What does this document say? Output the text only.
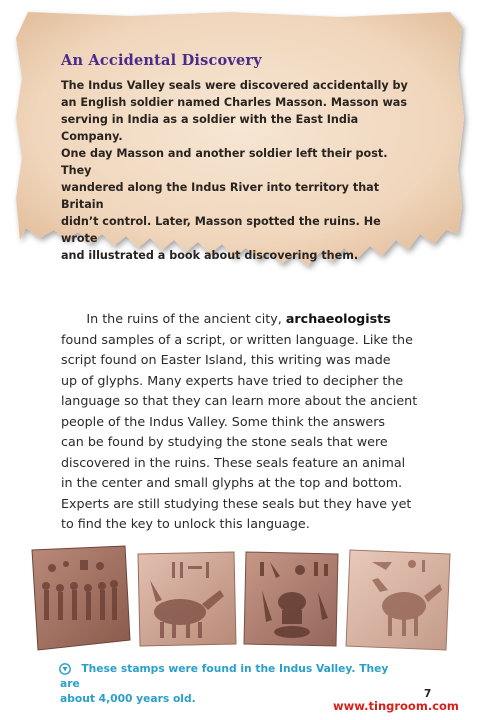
An Accidental Discovery

The Indus Valley seals were discovered accidentally by
an English soldier named Charles Masson. Masson was
serving in India as a soldier with the East India Company.
One day Masson and another soldier left their post. They
wandered along the Indus River into territory that Britain
didn’t control. Later, Masson spotted the ruins. He wrote
and illustrated a book about discovering them.

  In the ruins of the ancient city, archaeologists
found samples of a script, or written language. Like the
script found on Easter Island, this writing was made
up of glyphs. Many experts have tried to decipher the
language so that they can learn more about the ancient
people of the Indus Valley. Some think the answers
can be found by studying the stone seals that were
discovered in the ruins. These seals feature an animal
in the center and small glyphs at the top and bottom.
Experts are still studying these seals but they have yet
to find the key to unlock this language.

  These stamps were found in the Indus Valley. They are
about 4,000 years old.	7
www.tingroom.com
